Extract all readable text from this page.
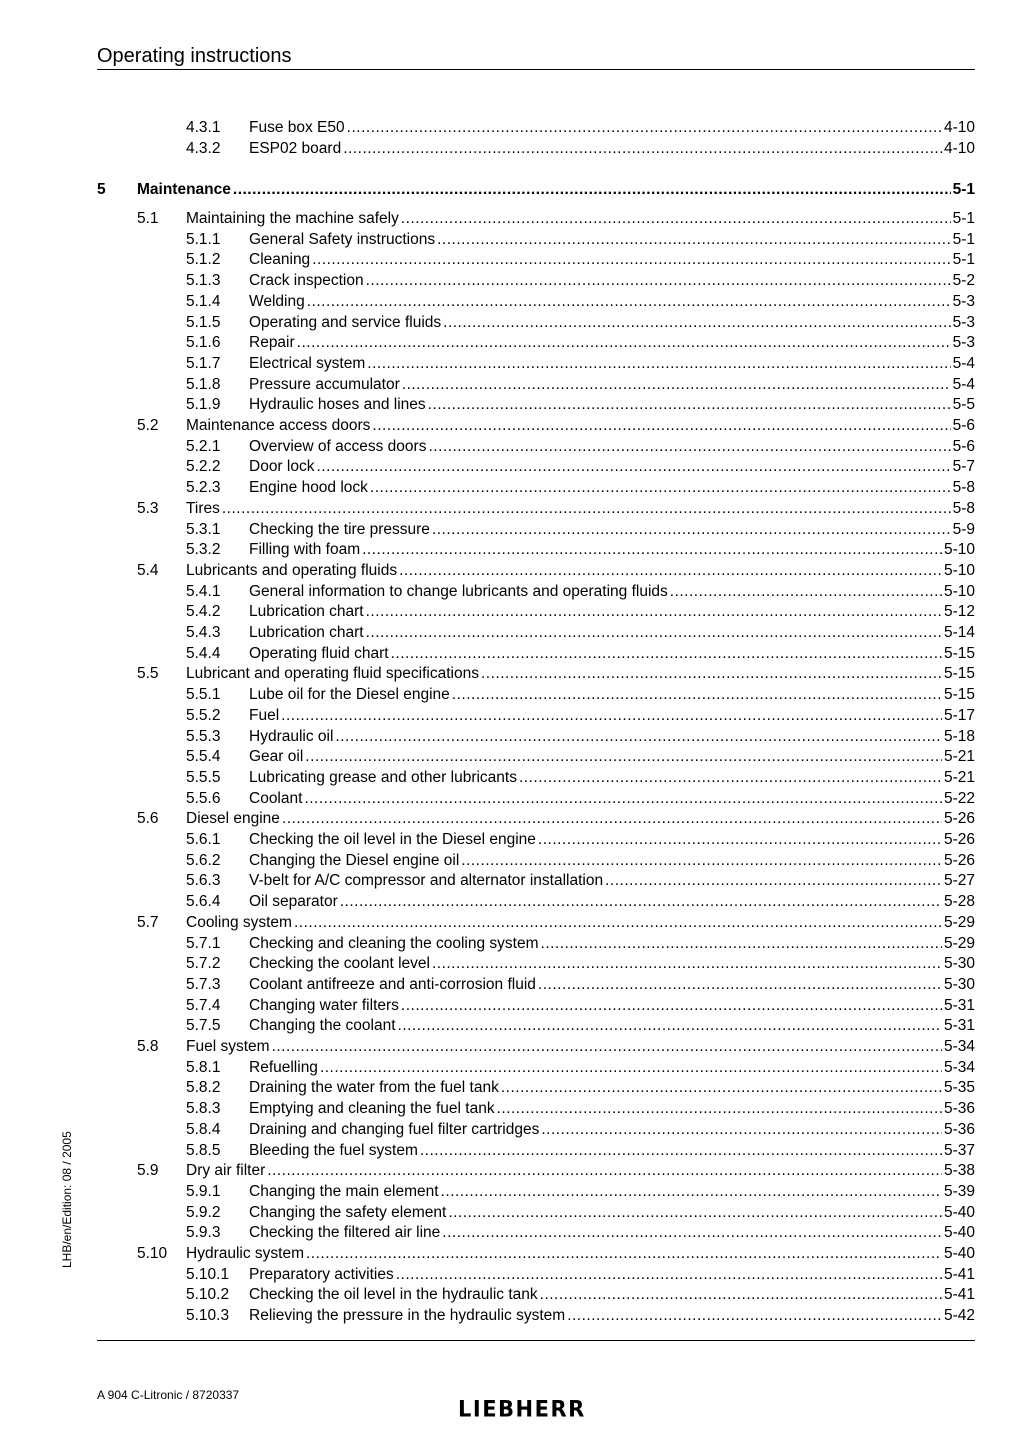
Operating instructions
4.3.1 Fuse box E50 .....	4-10
4.3.2 ESP02 board .....	4-10
5 Maintenance .....	5-1
5.1 Maintaining the machine safely .....	5-1
5.1.1 General Safety instructions .....	5-1
5.1.2 Cleaning .....	5-1
5.1.3 Crack inspection .....	5-2
5.1.4 Welding .....	5-3
5.1.5 Operating and service fluids .....	5-3
5.1.6 Repair .....	5-3
5.1.7 Electrical system .....	5-4
5.1.8 Pressure accumulator .....	5-4
5.1.9 Hydraulic hoses and lines .....	5-5
5.2 Maintenance access doors .....	5-6
5.2.1 Overview of access doors .....	5-6
5.2.2 Door lock .....	5-7
5.2.3 Engine hood lock .....	5-8
5.3 Tires .....	5-8
5.3.1 Checking the tire pressure .....	5-9
5.3.2 Filling with foam .....	5-10
5.4 Lubricants and operating fluids .....	5-10
5.4.1 General information to change lubricants and operating fluids .....	5-10
5.4.2 Lubrication chart .....	5-12
5.4.3 Lubrication chart .....	5-14
5.4.4 Operating fluid chart .....	5-15
5.5 Lubricant and operating fluid specifications .....	5-15
5.5.1 Lube oil for the Diesel engine .....	5-15
5.5.2 Fuel .....	5-17
5.5.3 Hydraulic oil .....	5-18
5.5.4 Gear oil .....	5-21
5.5.5 Lubricating grease and other lubricants .....	5-21
5.5.6 Coolant .....	5-22
5.6 Diesel engine .....	5-26
5.6.1 Checking the oil level in the Diesel engine .....	5-26
5.6.2 Changing the Diesel engine oil .....	5-26
5.6.3 V-belt for A/C compressor and alternator installation .....	5-27
5.6.4 Oil separator .....	5-28
5.7 Cooling system .....	5-29
5.7.1 Checking and cleaning the cooling system .....	5-29
5.7.2 Checking the coolant level .....	5-30
5.7.3 Coolant antifreeze and anti-corrosion fluid .....	5-30
5.7.4 Changing water filters .....	5-31
5.7.5 Changing the coolant .....	5-31
5.8 Fuel system .....	5-34
5.8.1 Refuelling .....	5-34
5.8.2 Draining the water from the fuel tank .....	5-35
5.8.3 Emptying and cleaning the fuel tank .....	5-36
5.8.4 Draining and changing fuel filter cartridges .....	5-36
5.8.5 Bleeding the fuel system .....	5-37
5.9 Dry air filter .....	5-38
5.9.1 Changing the main element .....	5-39
5.9.2 Changing the safety element .....	5-40
5.9.3 Checking the filtered air line .....	5-40
5.10 Hydraulic system .....	5-40
5.10.1 Preparatory activities .....	5-41
5.10.2 Checking the oil level in the hydraulic tank .....	5-41
5.10.3 Relieving the pressure in the hydraulic system .....	5-42
LHB/en/Edition: 08 / 2005
A 904 C-Litronic / 8720337
LIEBHERR
